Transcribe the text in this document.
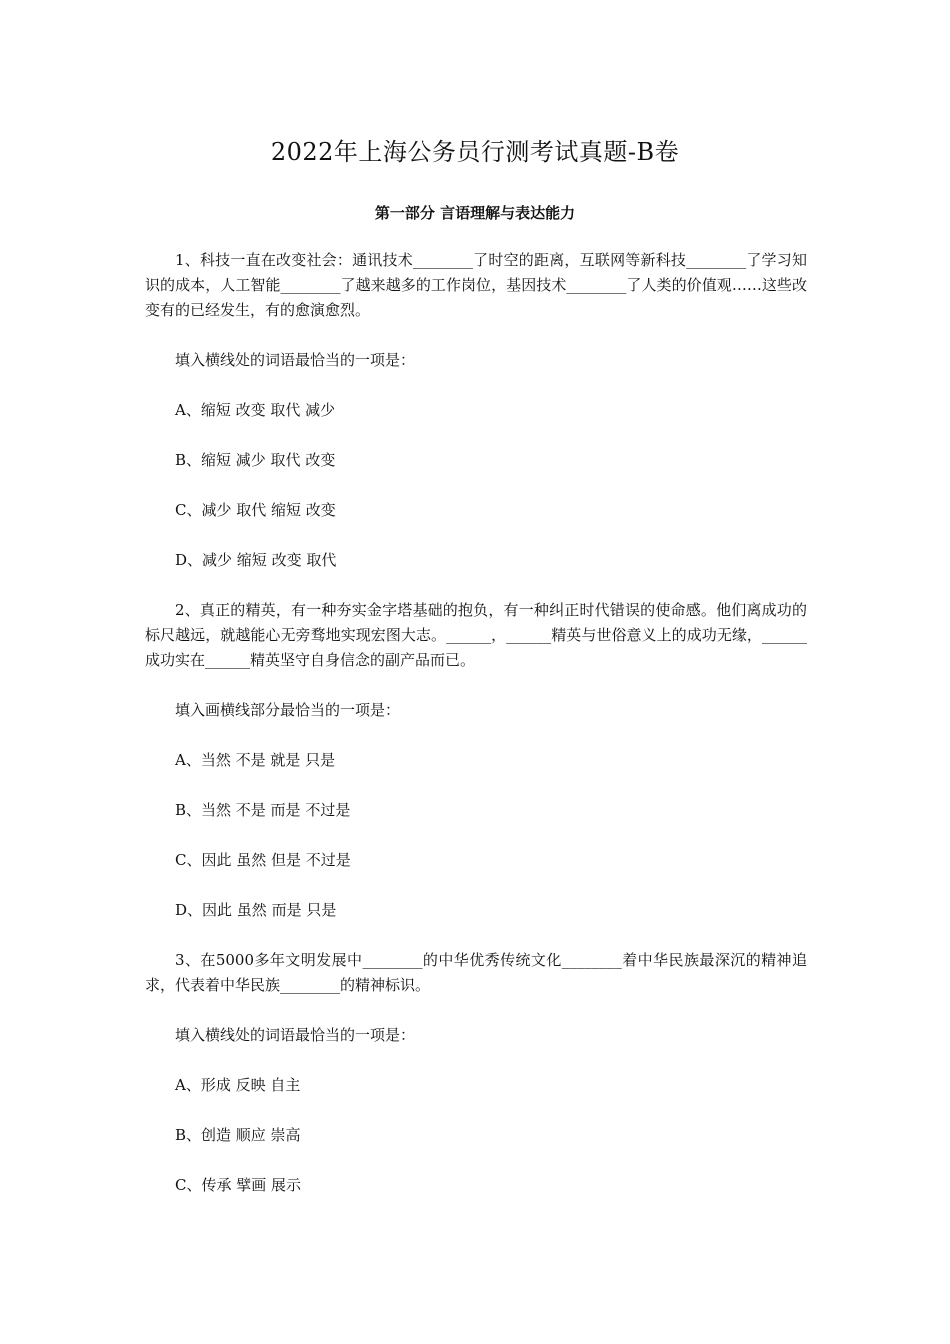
2022年上海公务员行测考试真题-B卷
第一部分 言语理解与表达能力

1、科技一直在改变社会：通讯技术________了时空的距离，互联网等新科技________了学习知识的成本，人工智能________了越来越多的工作岗位，基因技术________了人类的价值观……这些改变有的已经发生，有的愈演愈烈。

填入横线处的词语最恰当的一项是：

A、缩短 改变 取代 减少

B、缩短 减少 取代 改变

C、减少 取代 缩短 改变

D、减少 缩短 改变 取代

2、真正的精英，有一种夯实金字塔基础的抱负，有一种纠正时代错误的使命感。他们离成功的标尺越远，就越能心无旁骛地实现宏图大志。______，______精英与世俗意义上的成功无缘，______成功实在______精英坚守自身信念的副产品而已。

填入画横线部分最恰当的一项是：

A、当然 不是 就是 只是

B、当然 不是 而是 不过是

C、因此 虽然 但是 不过是

D、因此 虽然 而是 只是

3、在5000多年文明发展中________的中华优秀传统文化________着中华民族最深沉的精神追求，代表着中华民族________的精神标识。

填入横线处的词语最恰当的一项是：

A、形成 反映 自主

B、创造 顺应 崇高

C、传承 擘画 展示
